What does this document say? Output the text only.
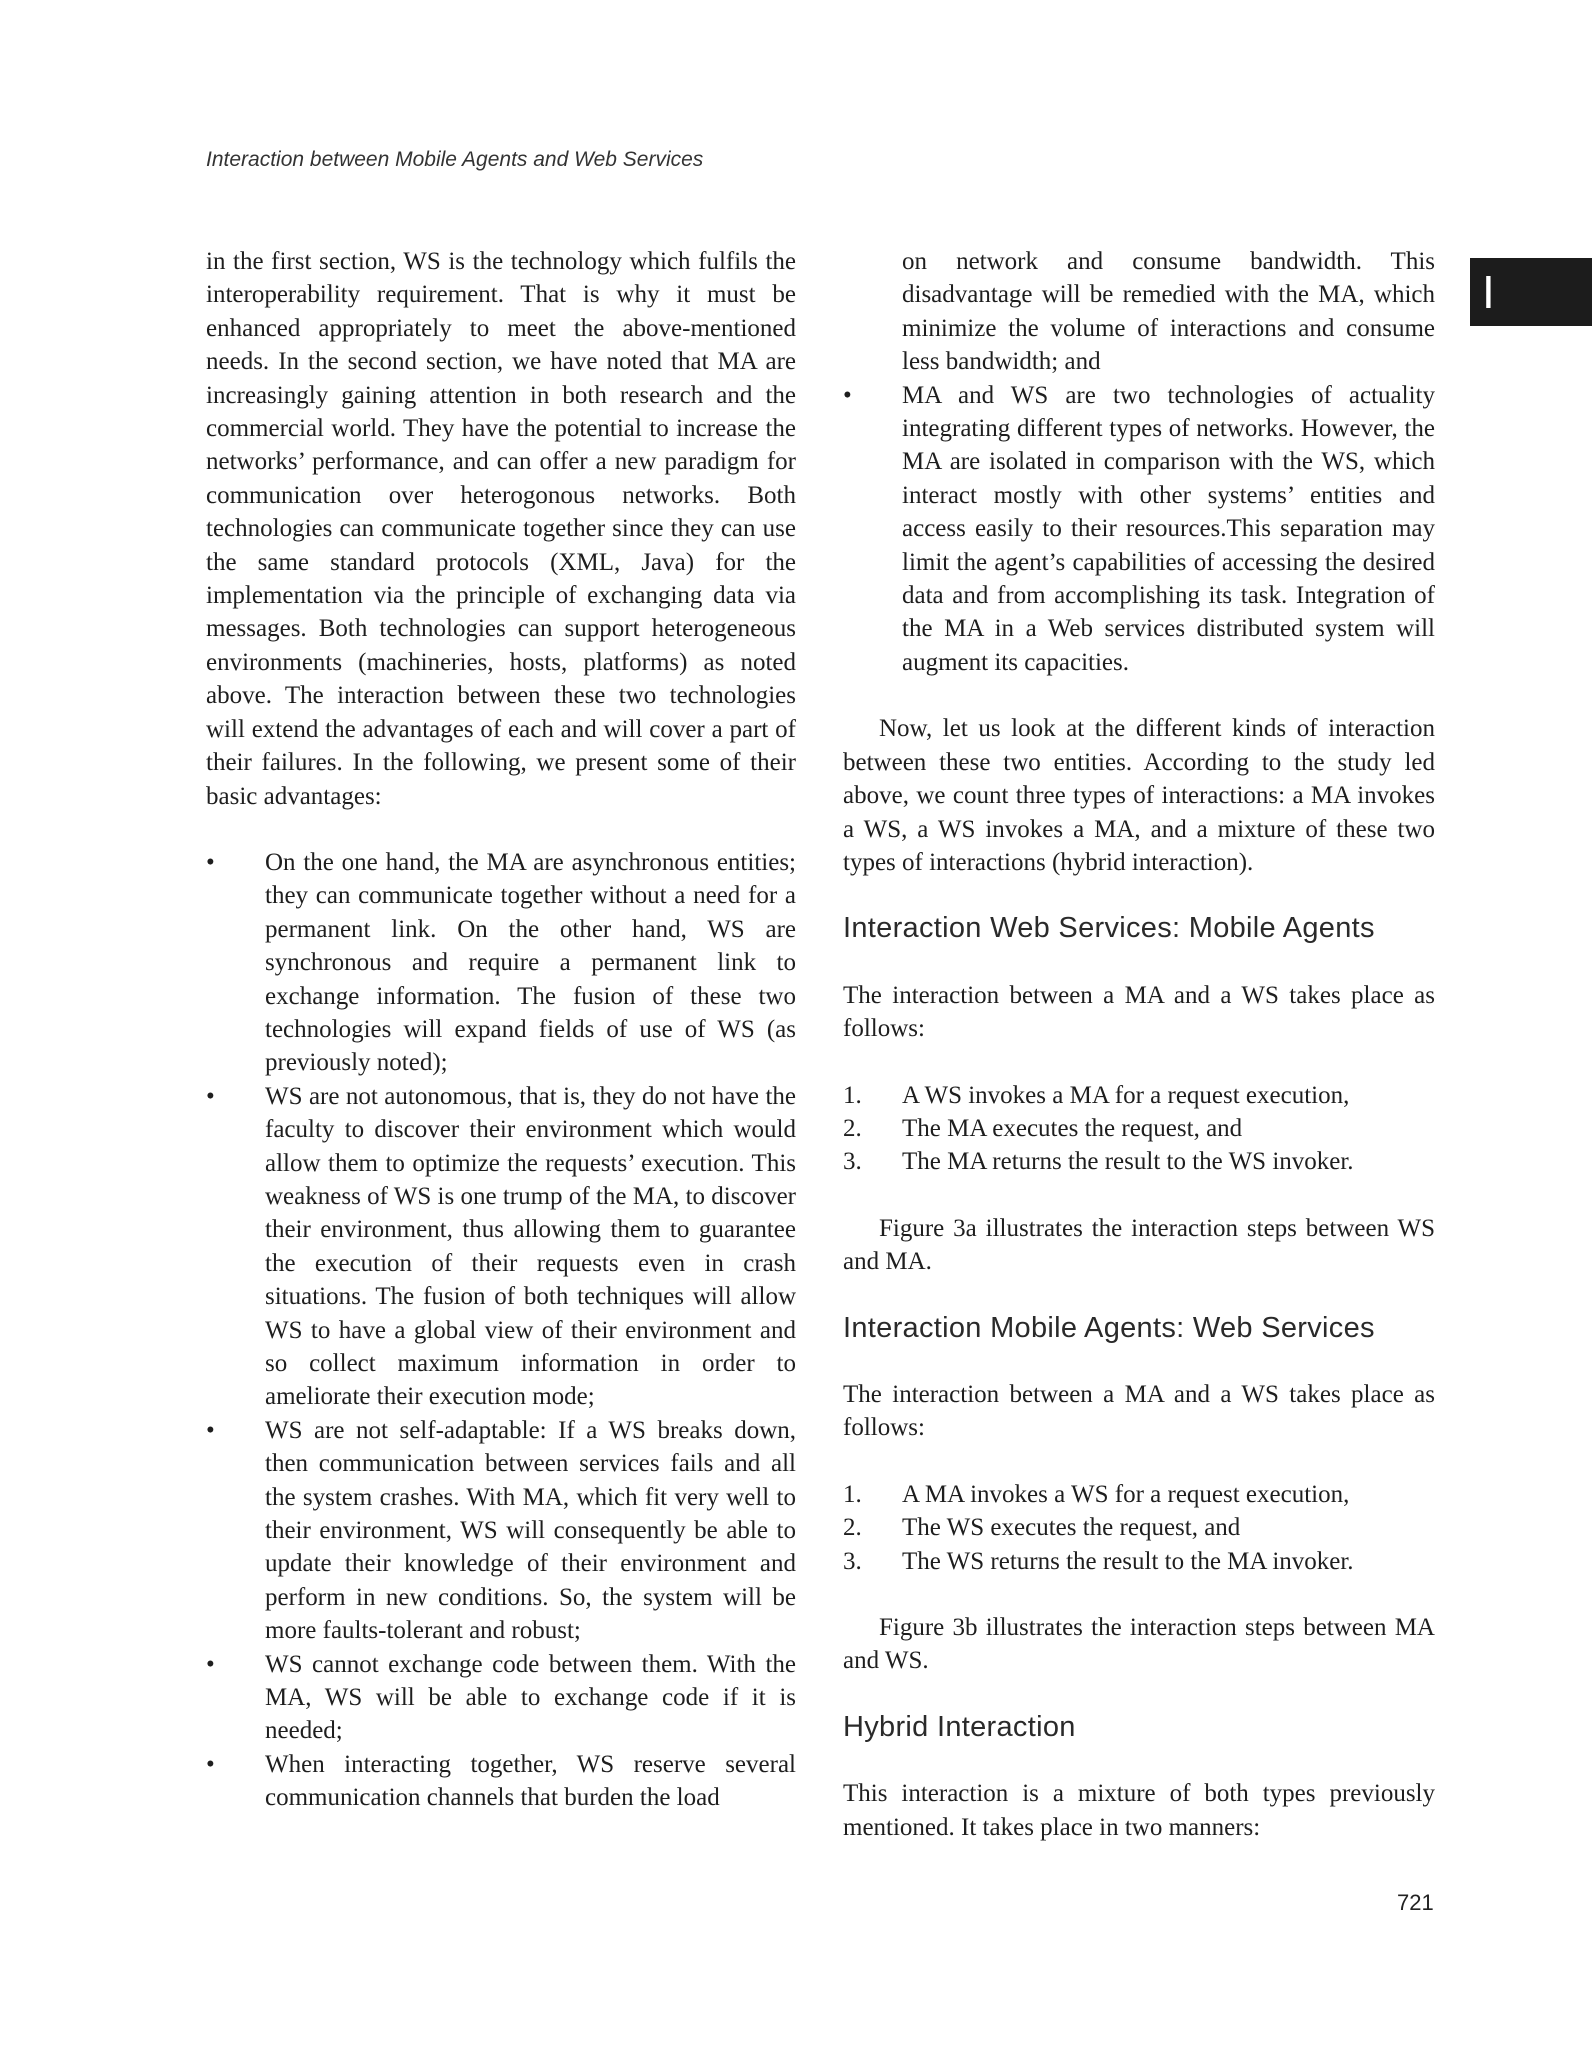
Interaction between Mobile Agents and Web Services
I

in the first section, WS is the technology which fulfils the interoperability requirement. That is why it must be enhanced appropriately to meet the above-mentioned needs. In the second section, we have noted that MA are increasingly gaining attention in both research and the commercial world. They have the potential to increase the networks’ performance, and can offer a new paradigm for communication over heterogonous networks. Both technologies can communicate together since they can use the same standard protocols (XML, Java) for the implementation via the principle of exchanging data via messages. Both technologies can support heterogeneous environments (machineries, hosts, platforms) as noted above. The interaction between these two technologies will extend the advantages of each and will cover a part of their failures. In the following, we present some of their basic advantages:

• On the one hand, the MA are asynchronous entities; they can communicate together without a need for a permanent link. On the other hand, WS are synchronous and require a permanent link to exchange information. The fusion of these two technologies will expand fields of use of WS (as previously noted);
• WS are not autonomous, that is, they do not have the faculty to discover their environment which would allow them to optimize the requests’ execution. This weakness of WS is one trump of the MA, to discover their environment, thus allowing them to guarantee the execution of their requests even in crash situations. The fusion of both techniques will allow WS to have a global view of their environment and so collect maximum information in order to ameliorate their execution mode;
• WS are not self-adaptable: If a WS breaks down, then communication between services fails and all the system crashes. With MA, which fit very well to their environment, WS will consequently be able to update their knowledge of their environment and perform in new conditions. So, the system will be more faults-tolerant and robust;
• WS cannot exchange code between them. With the MA, WS will be able to exchange code if it is needed;
• When interacting together, WS reserve several communication channels that burden the load
on network and consume bandwidth. This disadvantage will be remedied with the MA, which minimize the volume of interactions and consume less bandwidth; and
• MA and WS are two technologies of actuality integrating different types of networks. However, the MA are isolated in comparison with the WS, which interact mostly with other systems’ entities and access easily to their resources.This separation may limit the agent’s capabilities of accessing the desired data and from accomplishing its task. Integration of the MA in a Web services distributed system will augment its capacities.

Now, let us look at the different kinds of interaction between these two entities. According to the study led above, we count three types of interactions: a MA invokes a WS, a WS invokes a MA, and a mixture of these two types of interactions (hybrid interaction).

Interaction Web Services: Mobile Agents

The interaction between a MA and a WS takes place as follows:

1. A WS invokes a MA for a request execution,
2. The MA executes the request, and
3. The MA returns the result to the WS invoker.

Figure 3a illustrates the interaction steps between WS and MA.

Interaction Mobile Agents: Web Services

The interaction between a MA and a WS takes place as follows:

1. A MA invokes a WS for a request execution,
2. The WS executes the request, and
3. The WS returns the result to the MA invoker.

Figure 3b illustrates the interaction steps between MA and WS.

Hybrid Interaction

This interaction is a mixture of both types previously mentioned. It takes place in two manners:

721
